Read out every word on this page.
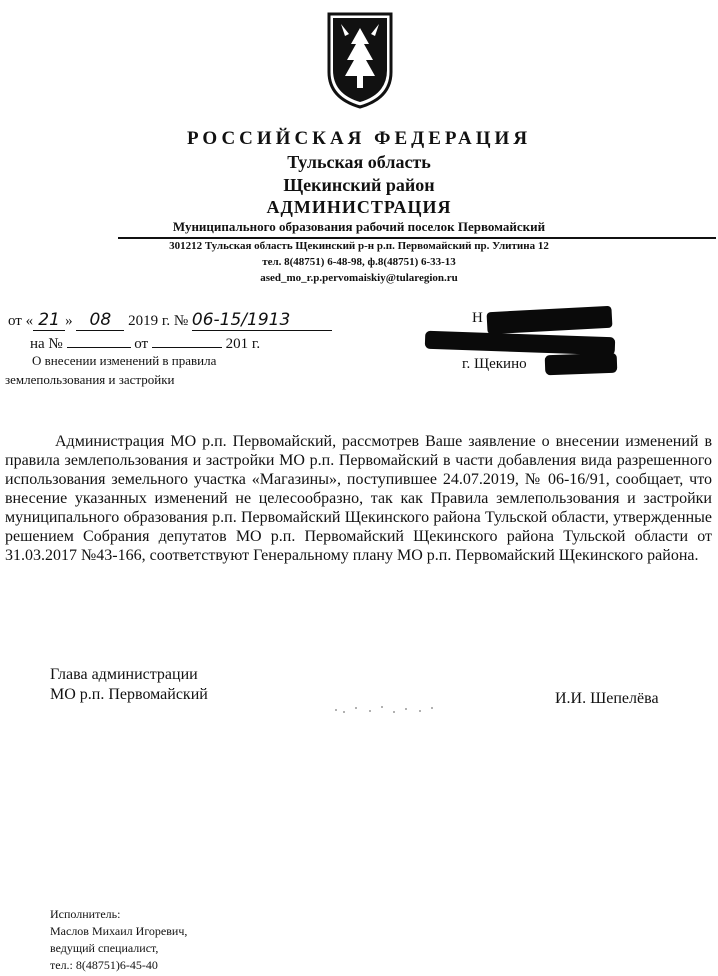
РОССИЙСКАЯ ФЕДЕРАЦИЯ
Тульская область
Щекинский район
АДМИНИСТРАЦИЯ
Муниципального образования рабочий поселок Первомайский
301212 Тульская область Щекинский р-н р.п. Первомайский пр. Улитина 12
тел. 8(48751) 6-48-98, ф.8(48751) 6-33-13
ased_mo_r.p.pervomaiskiy@tularegion.ru
от « 21 » 08 2019 г. № 06-15/1913
на №	от	201 г.
Н
г. Щекино
О внесении изменений в правила
землепользования и застройки
Администрация МО р.п. Первомайский, рассмотрев Ваше заявление о внесении изменений в правила землепользования и застройки МО р.п. Первомайский в части добавления вида разрешенного использования земельного участка «Магазины», поступившее 24.07.2019, № 06-16/91, сообщает, что внесение указанных изменений не целесообразно, так как Правила землепользования и застройки муниципального образования р.п. Первомайский Щекинского района Тульской области, утвержденные решением Собрания депутатов МО р.п. Первомайский Щекинского района Тульской области от 31.03.2017 №43-166, соответствуют Генеральному плану МО р.п. Первомайский Щекинского района.
Глава администрации
МО р.п. Первомайский	И.И. Шепелёва
Исполнитель:
Маслов Михаил Игоревич,
ведущий специалист,
тел.: 8(48751)6-45-40
